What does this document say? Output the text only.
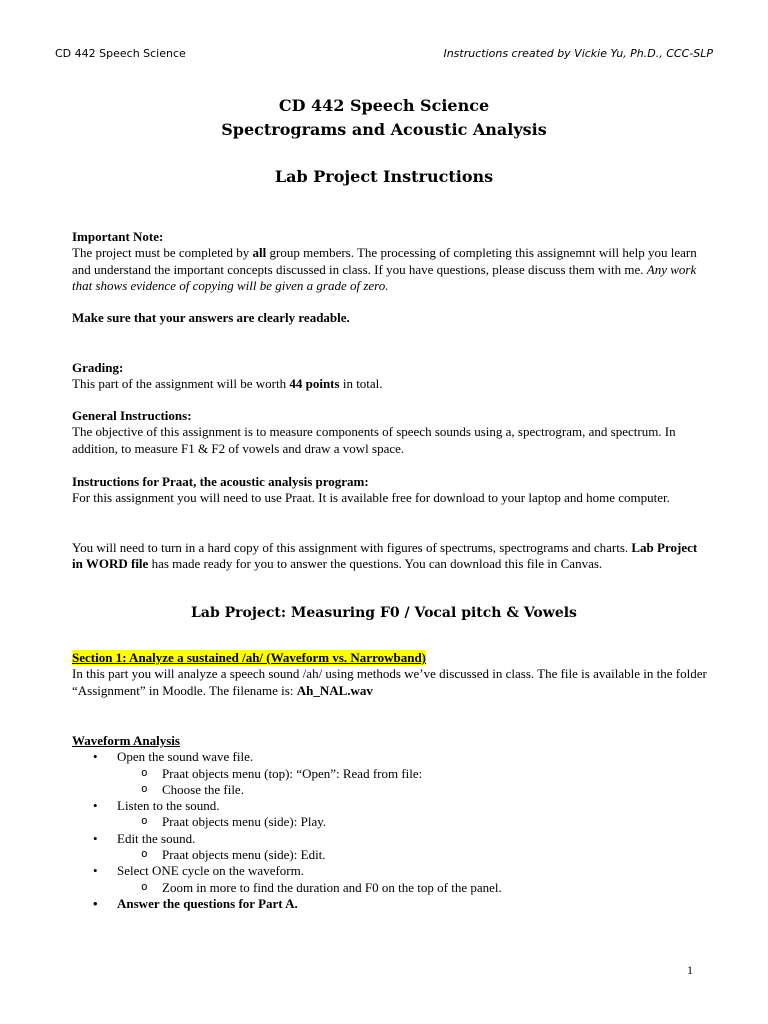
CD 442 Speech Science	Instructions created by Vickie Yu, Ph.D., CCC-SLP
CD 442 Speech Science
Spectrograms and Acoustic Analysis
Lab Project Instructions
Important Note:
The project must be completed by all group members. The processing of completing this assignemnt will help you learn and understand the important concepts discussed in class. If you have questions, please discuss them with me. Any work that shows evidence of copying will be given a grade of zero.
Make sure that your answers are clearly readable.
Grading:
This part of the assignment will be worth 44 points in total.
General Instructions:
The objective of this assignment is to measure components of speech sounds using a, spectrogram, and spectrum. In addition, to measure F1 & F2 of vowels and draw a vowl space.
Instructions for Praat, the acoustic analysis program:
For this assignment you will need to use Praat. It is available free for download to your laptop and home computer.
You will need to turn in a hard copy of this assignment with figures of spectrums, spectrograms and charts. Lab Project in WORD file has made ready for you to answer the questions. You can download this file in Canvas.
Lab Project: Measuring F0 / Vocal pitch & Vowels
Section 1: Analyze a sustained /ah/ (Waveform vs. Narrowband)
In this part you will analyze a speech sound /ah/ using methods we’ve discussed in class. The file is available in the folder “Assignment” in Moodle. The filename is: Ah_NAL.wav
Waveform Analysis
• Open the sound wave file.
o Praat objects menu (top): “Open”: Read from file:
o Choose the file.
• Listen to the sound.
o Praat objects menu (side): Play.
• Edit the sound.
o Praat objects menu (side): Edit.
• Select ONE cycle on the waveform.
o Zoom in more to find the duration and F0 on the top of the panel.
• Answer the questions for Part A.
1
